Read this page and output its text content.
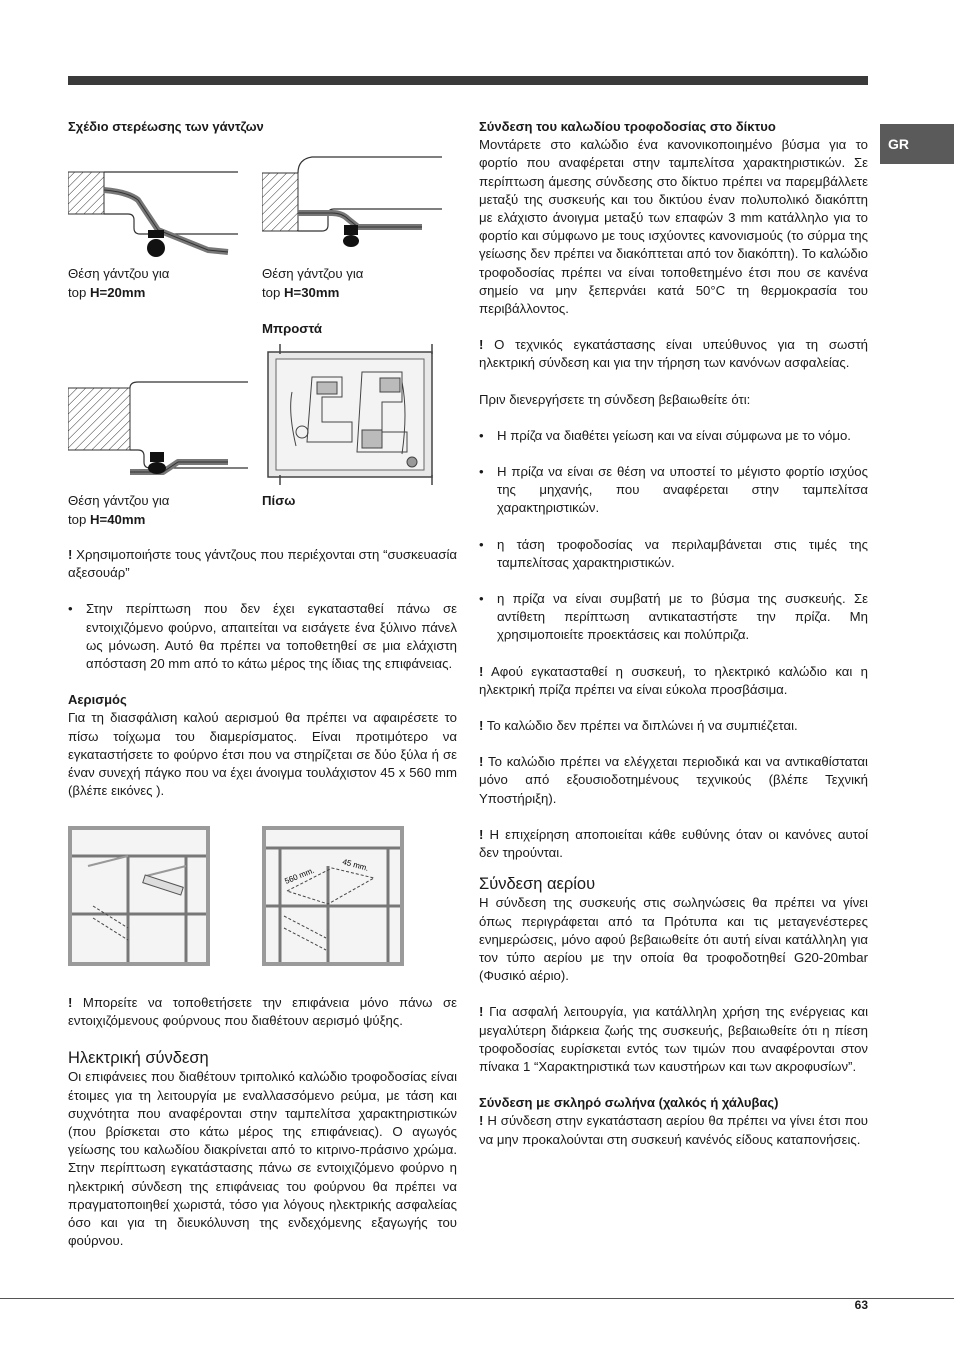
GR

Σχέδιο στερέωσης των γάντζων

Θέση γάντζου για
top H=20mm
Θέση γάντζου για
top H=30mm
Μπροστά
Θέση γάντζου για
top H=40mm
Πίσω

! Χρησιμοποιήστε τους γάντζους που περιέχονται στη “συσκευασία αξεσουάρ”

•	Στην περίπτωση που δεν έχει εγκατασταθεί πάνω σε εντοιχιζόμενο φούρνο, απαιτείται να εισάγετε ένα ξύλινο πάνελ ως μόνωση. Αυτό θα πρέπει να τοποθετηθεί σε μια ελάχιστη απόσταση 20 mm από το κάτω μέρος της ίδιας της επιφάνειας.

Αερισμός

Για τη διασφάλιση καλού αερισμού θα πρέπει να αφαιρέσετε το πίσω τοίχωμα του διαμερίσματος. Είναι προτιμότερο να εγκαταστήσετε το φούρνο έτσι που να στηρίζεται σε δύο ξύλα ή σε έναν συνεχή πάγκο που να έχει άνοιγμα τουλάχιστον 45 x 560 mm (βλέπε εικόνες ).

560 mm.
45 mm.

! Μπορείτε να τοποθετήσετε την επιφάνεια μόνο πάνω σε εντοιχιζόμενους φούρνους που διαθέτουν αερισμό ψύξης.

Ηλεκτρική σύνδεση

Οι επιφάνειες που διαθέτουν τριπολικό καλώδιο τροφοδοσίας είναι έτοιμες για τη λειτουργία με εναλλασσόμενο ρεύμα, με τάση και συχνότητα που αναφέρονται στην ταμπελίτσα χαρακτηριστικών (που βρίσκεται στο κάτω μέρος της επιφάνειας). Ο αγωγός γείωσης του καλωδίου διακρίνεται από το κιτρινο-πράσινο χρώμα. Στην περίπτωση εγκατάστασης πάνω σε εντοιχιζόμενο φούρνο η ηλεκτρική σύνδεση της επιφάνειας του φούρνου θα πρέπει να πραγματοποιηθεί χωριστά, τόσο για λόγους ηλεκτρικής ασφαλείας όσο και για τη διευκόλυνση της ενδεχόμενης εξαγωγής του φούρνου.

Σύνδεση του καλωδίου τροφοδοσίας στο δίκτυο

Μοντάρετε στο καλώδιο ένα κανονικοποιημένο βύσμα για το φορτίο που αναφέρεται στην ταμπελίτσα χαρακτηριστικών. Σε περίπτωση άμεσης σύνδεσης στο δίκτυο πρέπει να παρεμβάλλετε μεταξύ της συσκευής και του δικτύου έναν πολυπολικό διακόπτη με ελάχιστο άνοιγμα μεταξύ των επαφών 3 mm κατάλληλο για το φορτίο και σύμφωνο με τους ισχύοντες κανονισμούς (το σύρμα της γείωσης δεν πρέπει να διακόπτεται από τον διακόπτη). Το καλώδιο τροφοδοσίας πρέπει να είναι τοποθετημένο έτσι που σε κανένα σημείο να μην ξεπερνάει κατά 50°C τη θερμοκρασία του περιβάλλοντος.

! Ο τεχνικός εγκατάστασης είναι υπεύθυνος για τη σωστή ηλεκτρική σύνδεση και για την τήρηση των κανόνων ασφαλείας.

Πριν διενεργήσετε τη σύνδεση βεβαιωθείτε ότι:

•	Η πρίζα να διαθέτει γείωση και να είναι σύμφωνα με το νόμο.
•	Η πρίζα να είναι σε θέση να υποστεί το μέγιστο φορτίο ισχύος της μηχανής, που αναφέρεται στην ταμπελίτσα χαρακτηριστικών.
•	η τάση τροφοδοσίας να περιλαμβάνεται στις τιμές της ταμπελίτσας χαρακτηριστικών.
•	η πρίζα να είναι συμβατή με το βύσμα της συσκευής. Σε αντίθετη περίπτωση αντικαταστήστε την πρίζα. Μη χρησιμοποιείτε προεκτάσεις και πολύπριζα.

! Αφού εγκατασταθεί η συσκευή, το ηλεκτρικό καλώδιο και η ηλεκτρική πρίζα πρέπει να είναι εύκολα προσβάσιμα.

! Το καλώδιο δεν πρέπει να διπλώνει ή να συμπιέζεται.

! Το καλώδιο πρέπει να ελέγχεται περιοδικά και να αντικαθίσταται μόνο από εξουσιοδοτημένους τεχνικούς (βλέπε Τεχνική Υποστήριξη).

! Η επιχείρηση αποποιείται κάθε ευθύνης όταν οι κανόνες αυτοί δεν τηρούνται.

Σύνδεση αερίου

Η σύνδεση της συσκευής στις σωληνώσεις θα πρέπει να γίνει όπως περιγράφεται από τα Πρότυπα και τις μεταγενέστερες ενημερώσεις, μόνο αφού βεβαιωθείτε ότι αυτή είναι κατάλληλη για τον τύπο αερίου με την οποία θα τροφοδοτηθεί G20-20mbar (Φυσικό αέριο).

! Για ασφαλή λειτουργία, για κατάλληλη χρήση της ενέργειας και μεγαλύτερη διάρκεια ζωής της συσκευής, βεβαιωθείτε ότι η πίεση τροφοδοσίας ευρίσκεται εντός των τιμών που αναφέρονται στον πίνακα 1 “Χαρακτηριστικά των καυστήρων και των ακροφυσίων”.

Σύνδεση με σκληρό σωλήνα (χαλκός ή χάλυβας)

! Η σύνδεση στην εγκατάσταση αερίου θα πρέπει να γίνει έτσι που να μην προκαλούνται στη συσκευή κανένός είδους καταπονήσεις.

63
